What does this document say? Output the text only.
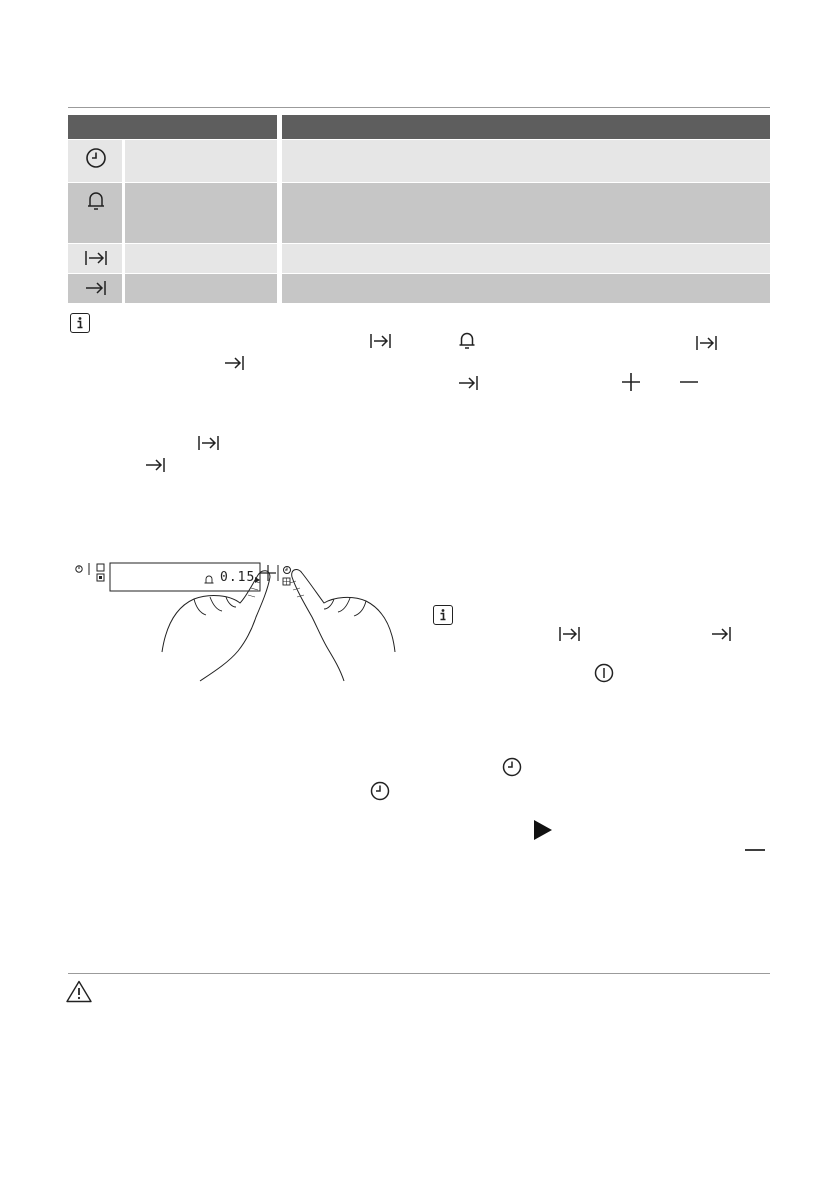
0.15
